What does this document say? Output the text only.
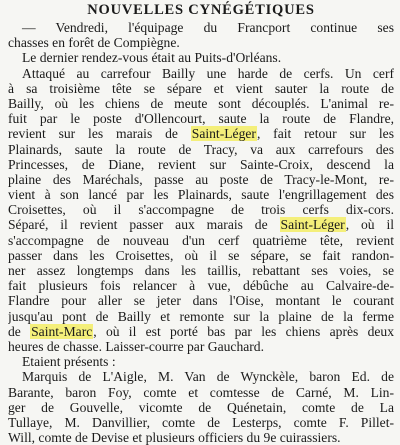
NOUVELLES CYNÉGÉTIQUES
— Vendredi, l'équipage du Francport continue ses
chasses en forêt de Compiègne.
Le dernier rendez-vous était au Puits-d'Orléans.
Attaqué au carrefour Bailly une harde de cerfs. Un cerf
à sa troisième tête se sépare et vient sauter la route de
Bailly, où les chiens de meute sont découplés. L'animal re-
fuit par le poste d'Ollencourt, saute la route de Flandre,
revient sur les marais de Saint-Léger, fait retour sur les
Plainards, saute la route de Tracy, va aux carrefours des
Princesses, de Diane, revient sur Sainte-Croix, descend la
plaine des Maréchals, passe au poste de Tracy-le-Mont, re-
vient à son lancé par les Plainards, saute l'engrillagement des
Croisettes, où il s'accompagne de trois cerfs dix-cors.
Séparé, il revient passer aux marais de Saint-Léger, où il
s'accompagne de nouveau d'un cerf quatrième tête, revient
passer dans les Croisettes, où il se sépare, se fait randon-
ner assez longtemps dans les taillis, rebattant ses voies, se
fait plusieurs fois relancer à vue, débûche au Calvaire-de-
Flandre pour aller se jeter dans l'Oise, montant le courant
jusqu'au pont de Bailly et remonte sur la plaine de la ferme
de Saint-Marc, où il est porté bas par les chiens après deux
heures de chasse. Laisser-courre par Gauchard.
Etaient présents :
Marquis de L'Aigle, M. Van de Wynckèle, baron Ed. de
Barante, baron Foy, comte et comtesse de Carné, M. Lin-
ger de Gouvelle, vicomte de Quénetain, comte de La
Tullaye, M. Danvillier, comte de Lesterps, comte F. Pillet-
Will, comte de Devise et plusieurs officiers du 9e cuirassiers.
